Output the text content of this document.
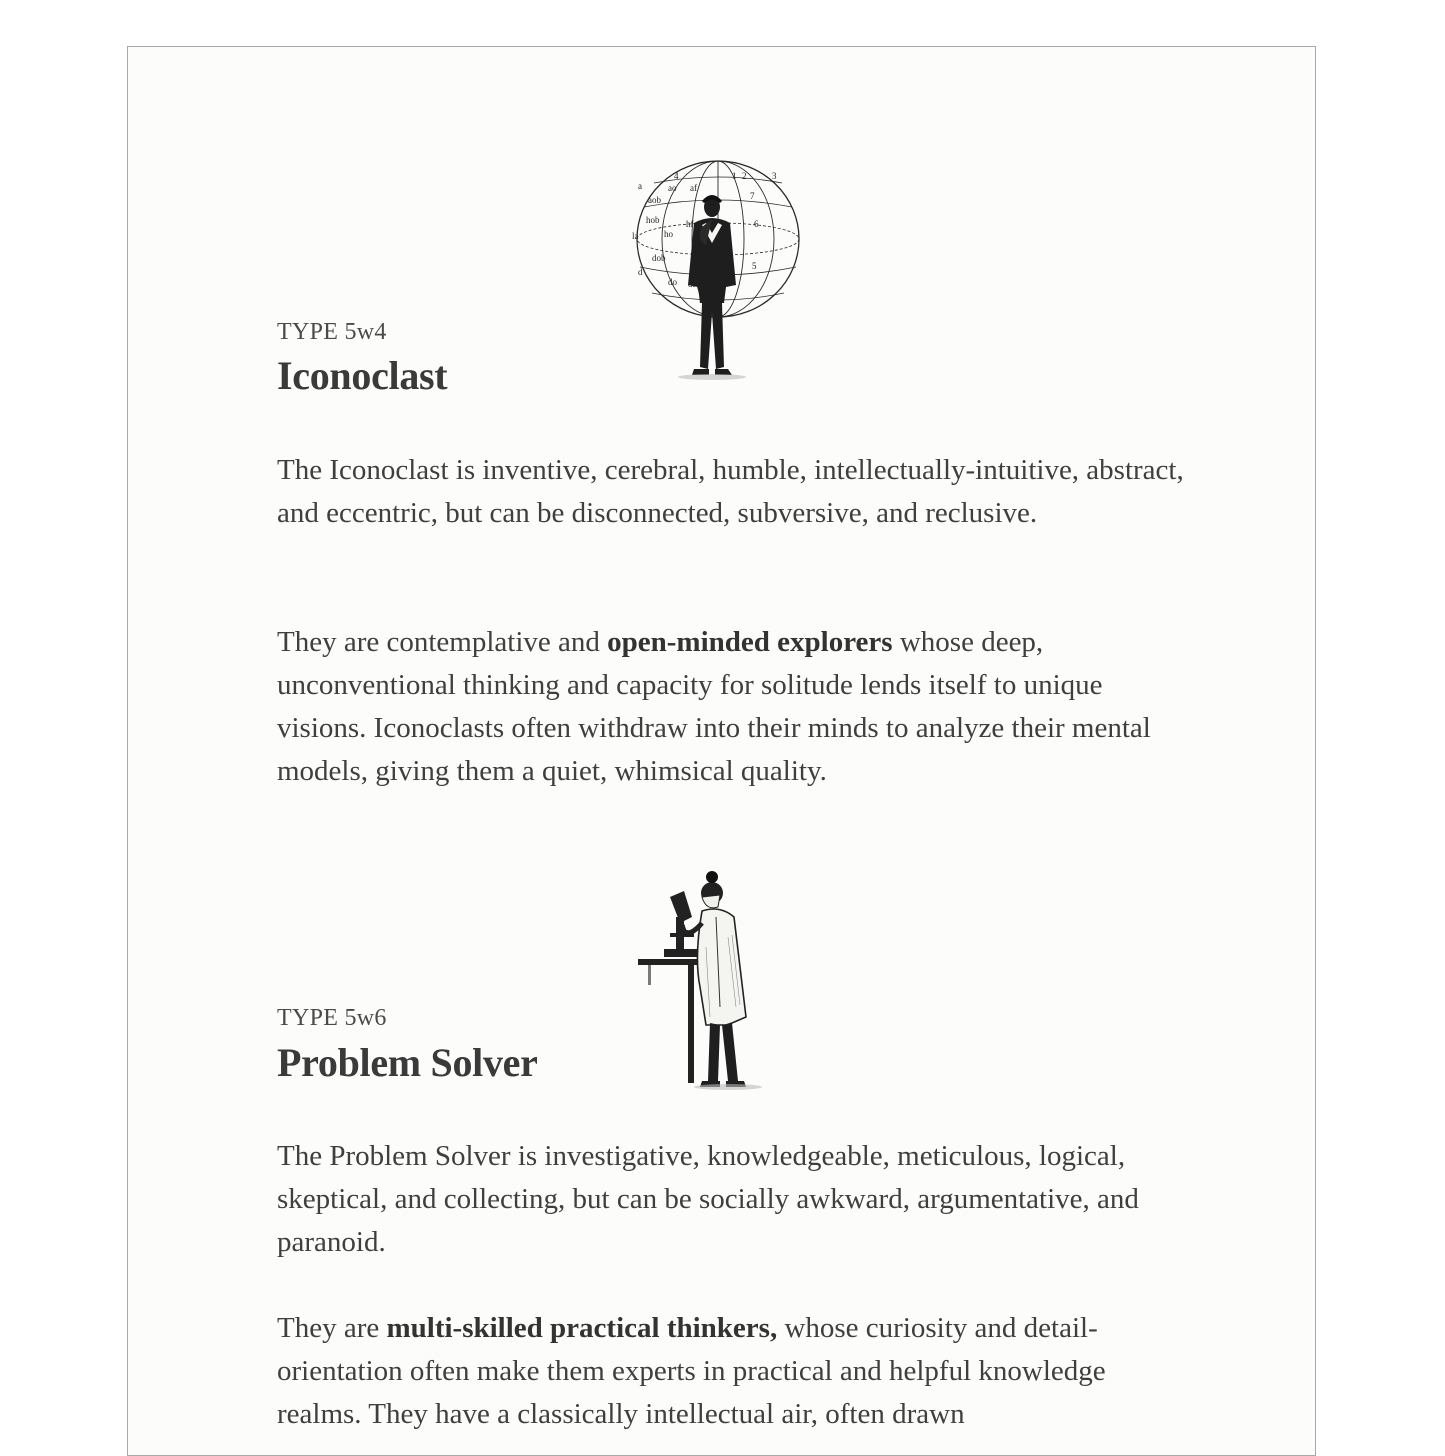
a	ao af
aob
hob	hf
ho
dob
do
d
la
1 2	3
4
5
6
7
TYPE 5w4
Iconoclast

The Iconoclast is inventive, cerebral, humble, intellectually-intuitive, abstract, and eccentric, but can be disconnected, subversive, and reclusive.

They are contemplative and open-minded explorers whose deep, unconventional thinking and capacity for solitude lends itself to unique visions. Iconoclasts often withdraw into their minds to analyze their mental models, giving them a quiet, whimsical quality.

TYPE 5w6
Problem Solver

The Problem Solver is investigative, knowledgeable, meticulous, logical, skeptical, and collecting, but can be socially awkward, argumentative, and paranoid.

They are multi-skilled practical thinkers, whose curiosity and detail-orientation often make them experts in practical and helpful knowledge realms. They have a classically intellectual air, often drawn
